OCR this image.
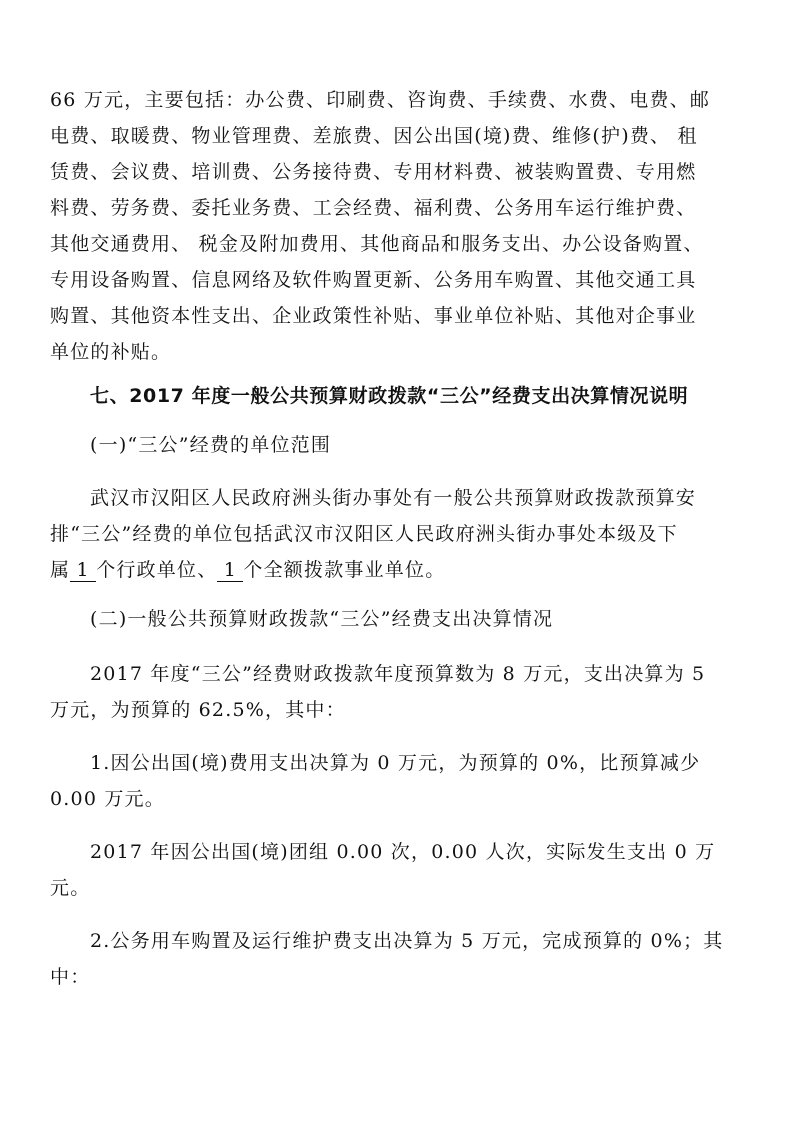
66 万元，主要包括：办公费、印刷费、咨询费、手续费、水费、电费、邮
电费、取暖费、物业管理费、差旅费、因公出国(境)费、维修(护)费、 租
赁费、会议费、培训费、公务接待费、专用材料费、被装购置费、专用燃
料费、劳务费、委托业务费、工会经费、福利费、公务用车运行维护费、
其他交通费用、 税金及附加费用、其他商品和服务支出、办公设备购置、
专用设备购置、信息网络及软件购置更新、公务用车购置、其他交通工具
购置、其他资本性支出、企业政策性补贴、事业单位补贴、其他对企事业
单位的补贴。
七、2017 年度一般公共预算财政拨款“三公”经费支出决算情况说明
(一)“三公”经费的单位范围
武汉市汉阳区人民政府洲头街办事处有一般公共预算财政拨款预算安
排“三公”经费的单位包括武汉市汉阳区人民政府洲头街办事处本级及下
属 1 个行政单位、 1 个全额拨款事业单位。
(二)一般公共预算财政拨款“三公”经费支出决算情况
2017 年度“三公”经费财政拨款年度预算数为 8 万元，支出决算为 5
万元，为预算的 62.5%，其中：
1.因公出国(境)费用支出决算为 0 万元，为预算的 0%，比预算减少
0.00 万元。
2017 年因公出国(境)团组 0.00 次，0.00 人次，实际发生支出 0 万
元。
2.公务用车购置及运行维护费支出决算为 5 万元，完成预算的 0%；其
中：
